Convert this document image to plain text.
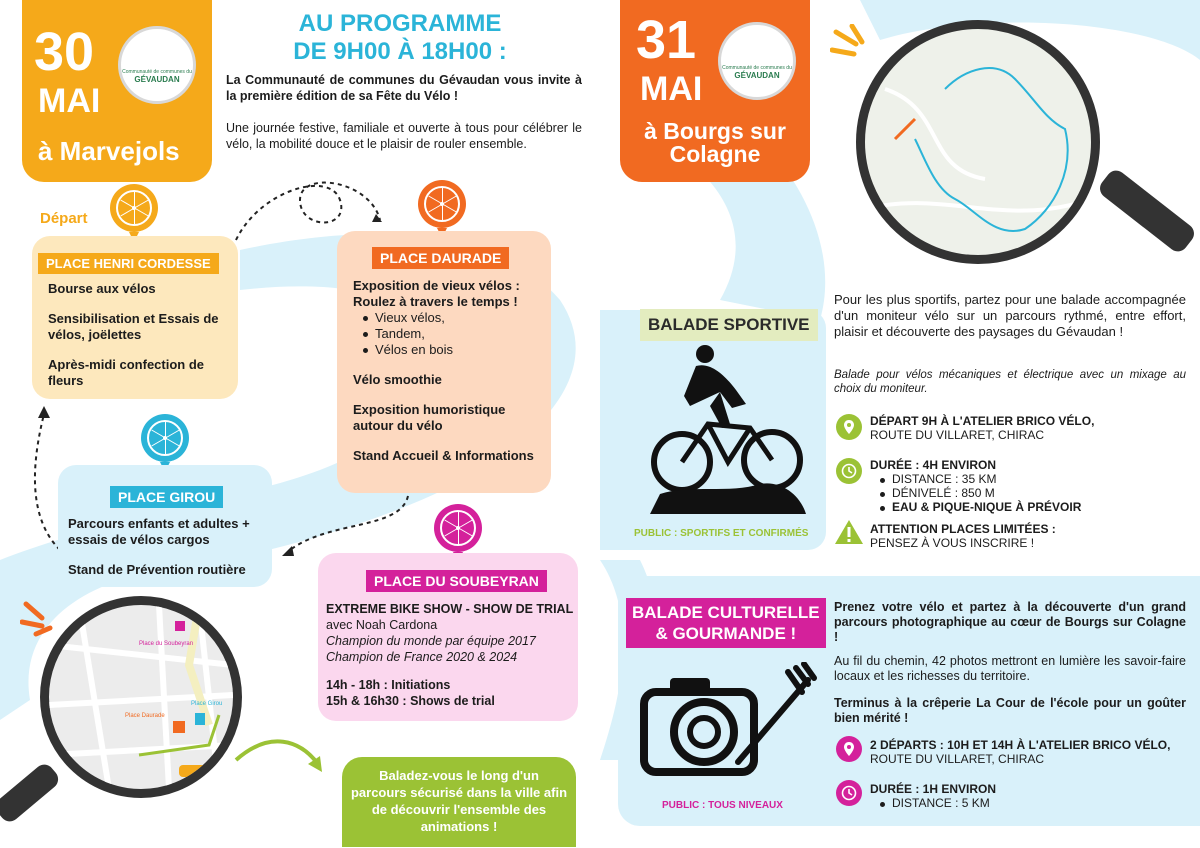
30
MAI
à Marvejols
Communauté de communes du
GÉVAUDAN
AU PROGRAMME
DE 9H00 À 18H00 :
La Communauté de communes du Gévaudan vous invite à la première édition de sa Fête du Vélo !
Une journée festive, familiale et ouverte à tous pour célébrer le vélo, la mobilité douce et le plaisir de rouler ensemble.
Départ
PLACE HENRI CORDESSE

Bourse aux vélos

Sensibilisation et Essais de vélos, joëlettes

Après-midi confection de fleurs

PLACE DAURADE
Exposition de vieux vélos : Roulez à travers le temps !
Vieux vélos,
Tandem,
Vélos en bois

Vélo smoothie

Exposition humoristique autour du vélo

Stand Accueil & Informations

PLACE GIROU

Parcours enfants et adultes + essais de vélos cargos

Stand de Prévention routière

PLACE DU SOUBEYRAN
EXTREME BIKE SHOW - SHOW DE TRIAL
avec Noah Cardona
Champion du monde par équipe 2017
Champion de France 2020 & 2024
14h - 18h : Initiations
15h & 16h30 : Shows de trial
Place du Soubeyran
Place Girou
Place Daurade
Place Henri Cordesse
Baladez-vous le long d'un parcours sécurisé dans la ville afin de découvrir l'ensemble des animations !
31
MAI
à Bourgs sur
Colagne
Communauté de communes du
GÉVAUDAN
BALADE SPORTIVE
PUBLIC : SPORTIFS ET CONFIRMÉS
Pour les plus sportifs, partez pour une balade accompagnée d'un moniteur vélo sur un parcours rythmé, entre effort, plaisir et découverte des paysages du Gévaudan !
Balade pour vélos mécaniques et électrique avec un mixage au choix du moniteur.
DÉPART 9H À L'ATELIER BRICO VÉLO,
ROUTE DU VILLARET, CHIRAC
DURÉE : 4H ENVIRON
DISTANCE : 35 KM
DÉNIVELÉ : 850 M
EAU & PIQUE-NIQUE À PRÉVOIR
ATTENTION PLACES LIMITÉES :
PENSEZ À VOUS INSCRIRE !
BALADE CULTURELLE
& GOURMANDE !
PUBLIC : TOUS NIVEAUX
Prenez votre vélo et partez à la découverte d'un grand parcours photographique au cœur de Bourgs sur Colagne !
Au fil du chemin, 42 photos mettront en lumière les savoir-faire locaux et les richesses du territoire.
Terminus à la crêperie La Cour de l'école pour un goûter bien mérité !
2 DÉPARTS : 10H ET 14H À L'ATELIER BRICO VÉLO,
ROUTE DU VILLARET, CHIRAC
DURÉE : 1H ENVIRON
DISTANCE : 5 KM
